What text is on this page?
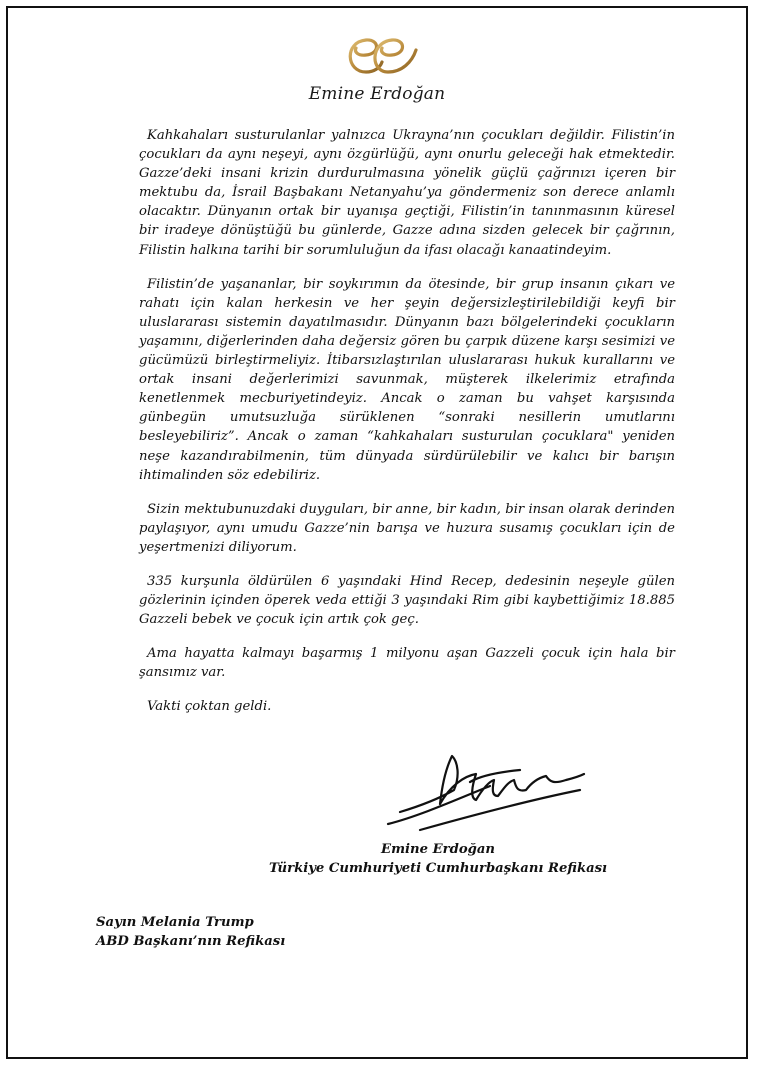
Emine Erdoğan

Kahkahaları susturulanlar yalnızca Ukrayna’nın çocukları değildir. Filistin’in çocukları da aynı neşeyi, aynı özgürlüğü, aynı onurlu geleceği hak etmektedir. Gazze’deki insani krizin durdurulmasına yönelik güçlü çağrınızı içeren bir mektubu da, İsrail Başbakanı Netanyahu’ya göndermeniz son derece anlamlı olacaktır. Dünyanın ortak bir uyanışa geçtiği, Filistin’in tanınmasının küresel bir iradeye dönüştüğü bu günlerde, Gazze adına sizden gelecek bir çağrının, Filistin halkına tarihi bir sorumluluğun da ifası olacağı kanaatindeyim.

Filistin’de yaşananlar, bir soykırımın da ötesinde, bir grup insanın çıkarı ve rahatı için kalan herkesin ve her şeyin değersizleştirilebildiği keyfi bir uluslararası sistemin dayatılmasıdır. Dünyanın bazı bölgelerindeki çocukların yaşamını, diğerlerinden daha değersiz gören bu çarpık düzene karşı sesimizi ve gücümüzü birleştirmeliyiz. İtibarsızlaştırılan uluslararası hukuk kurallarını ve ortak insani değerlerimizi savunmak, müşterek ilkelerimiz etrafında kenetlenmek mecburiyetindeyiz. Ancak o zaman bu vahşet karşısında günbegün umutsuzluğa sürüklenen “sonraki nesillerin umutlarını besleyebiliriz”. Ancak o zaman “kahkahaları susturulan çocuklara" yeniden neşe kazandırabilmenin, tüm dünyada sürdürülebilir ve kalıcı bir barışın ihtimalinden söz edebiliriz.

Sizin mektubunuzdaki duyguları, bir anne, bir kadın, bir insan olarak derinden paylaşıyor, aynı umudu Gazze’nin barışa ve huzura susamış çocukları için de yeşertmenizi diliyorum.

335 kurşunla öldürülen 6 yaşındaki Hind Recep, dedesinin neşeyle gülen gözlerinin içinden öperek veda ettiği 3 yaşındaki Rim gibi kaybettiğimiz 18.885 Gazzeli bebek ve çocuk için artık çok geç.

Ama hayatta kalmayı başarmış 1 milyonu aşan Gazzeli çocuk için hala bir şansımız var.

Vakti çoktan geldi.

Emine Erdoğan
Türkiye Cumhuriyeti Cumhurbaşkanı Refikası
Sayın Melania Trump
ABD Başkanı’nın Refikası
